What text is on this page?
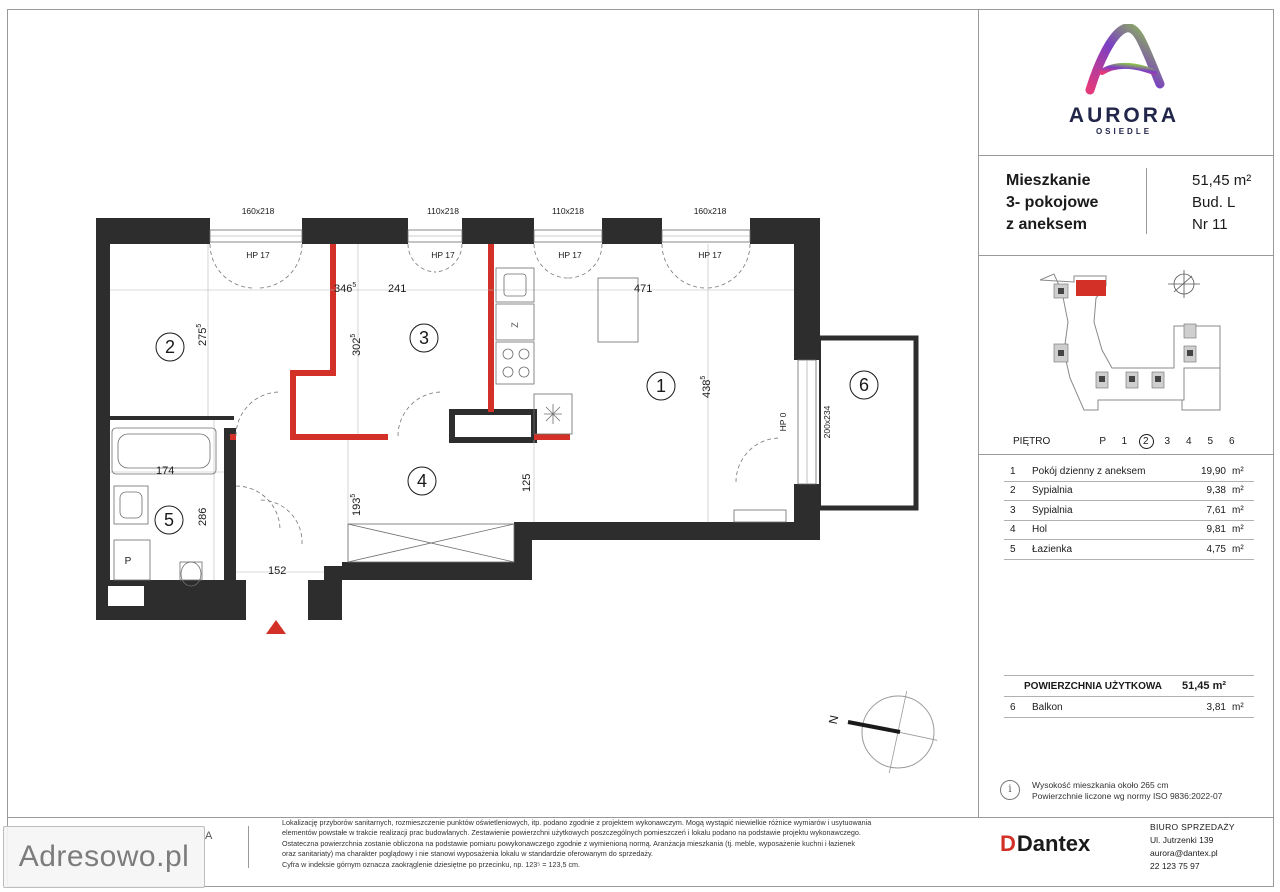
AURORA
OSIEDLE
Mieszkanie
3- pokojowe
z aneksem
51,45 m²
Bud. L
Nr 11
PIĘTRO	P	1	2	3	4	5	6
1	Pokój dzienny z aneksem	19,90 m²
2	Sypialnia	9,38 m²
3	Sypialnia	7,61 m²
4	Hol	9,81 m²
5	Łazienka	4,75 m²
POWIERZCHNIA UŻYTKOWA	51,45 m²
6	Balkon	3,81 m²
N
i	Wysokość mieszkania około 265 cm
Powierzchnie liczone wg normy ISO 9836:2022-07
Z
P
160x218	110x218	110x218	160x218
HP 17	HP 17	HP 17	HP 17
HP 0	200x234
$346^5$	241	471
174
152
$275^5$
$302^5$
$438^5$
286
$193^5$
125
1
2	3
4
5
6
Lokalizację przyborów sanitarnych, rozmieszczenie punktów oświetleniowych, itp. podano zgodnie z projektem wykonawczym. Mogą wystąpić niewielkie różnice wymiarów i usytuowania
elementów powstałe w trakcie realizacji prac budowlanych. Zestawienie powierzchni użytkowych poszczególnych pomieszczeń i lokalu podano na podstawie projektu wykonawczego.
Ostateczna powierzchnia zostanie obliczona na podstawie pomiaru powykonawczego zgodnie z wymienioną normą. Aranżacja mieszkania (tj. meble, wyposażenie kuchni i łazienek
oraz sanitariaty) ma charakter poglądowy i nie stanowi wyposażenia lokalu w standardzie oferowanym do sprzedaży.
Cyfra w indeksie górnym oznacza zaokrąglenie dziesiętne po przecinku, np. 123⁵ = 123,5 cm.
D Dantex
BIURO SPRZEDAŻY
Ul. Jutrzenki 139
aurora@dantex.pl
22 123 75 97
A
Adresowo.pl
